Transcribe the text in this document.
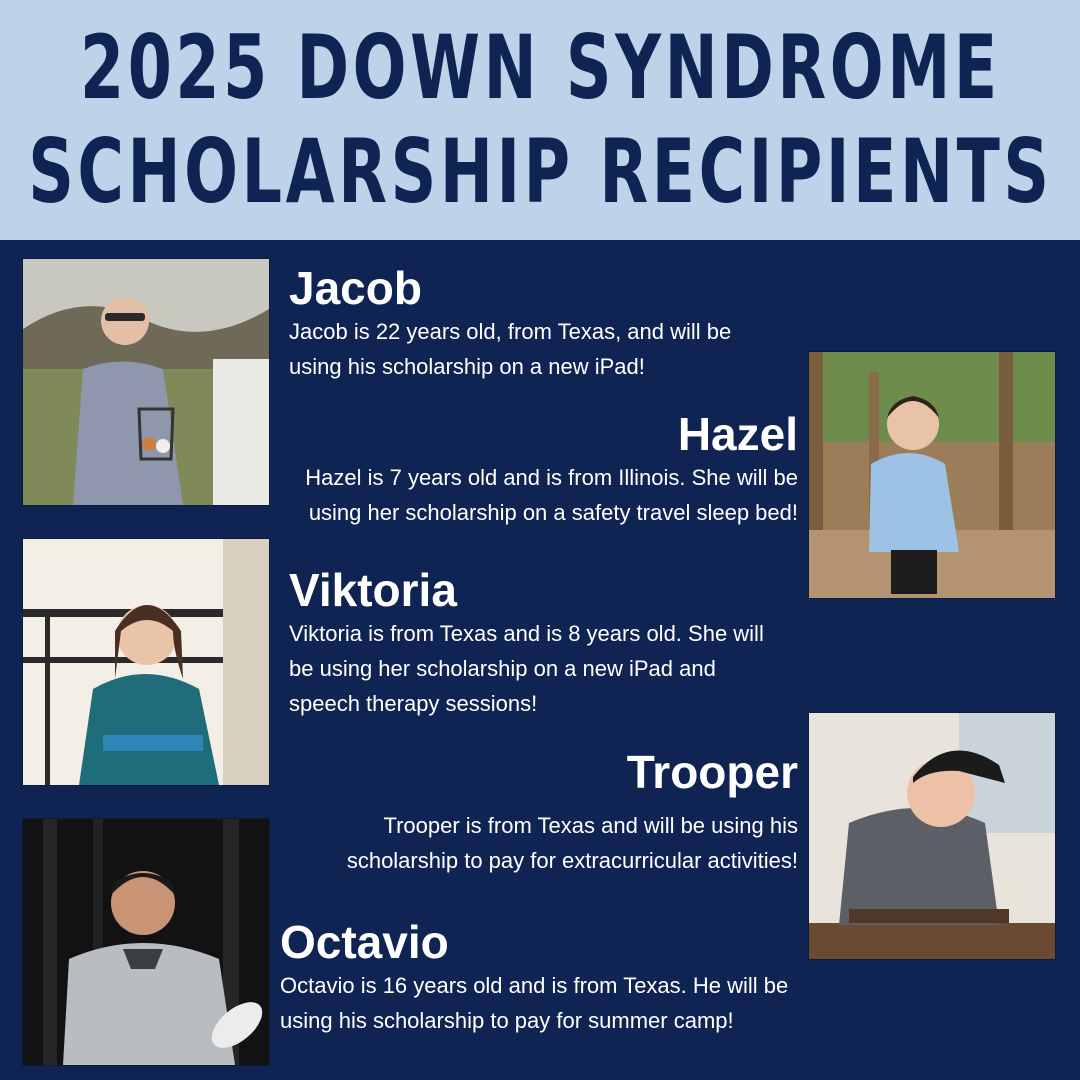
2025 DOWN SYNDROME
SCHOLARSHIP RECIPIENTS

Jacob

Jacob is 22 years old, from Texas, and will be using his scholarship on a new iPad!

Hazel

Hazel is 7 years old and is from Illinois. She will be using her scholarship on a safety travel sleep bed!

Viktoria

Viktoria is from Texas and is 8 years old. She will be using her scholarship on a new iPad and speech therapy sessions!

Trooper

Trooper is from Texas and will be using his scholarship to pay for extracurricular activities!

Octavio

Octavio is 16 years old and is from Texas. He will be using his scholarship to pay for summer camp!
